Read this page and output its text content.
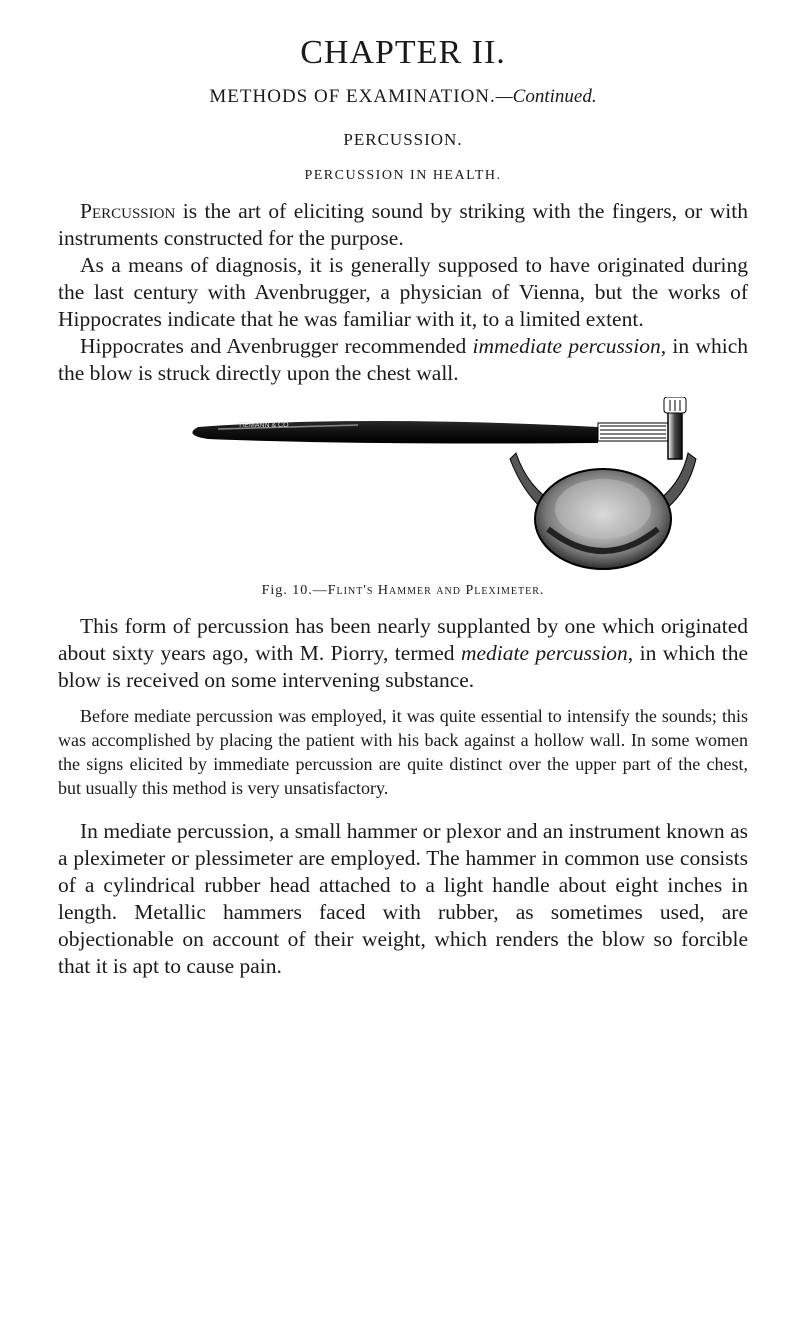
CHAPTER II.
METHODS OF EXAMINATION.—Continued.
PERCUSSION.
PERCUSSION IN HEALTH.

Percussion is the art of eliciting sound by striking with the fingers, or with instruments constructed for the purpose.

As a means of diagnosis, it is generally supposed to have originated during the last century with Avenbrugger, a physician of Vienna, but the works of Hippocrates indicate that he was familiar with it, to a limited extent.

Hippocrates and Avenbrugger recommended immediate percussion, in which the blow is struck directly upon the chest wall.

TIEMANN & CO
Fig. 10.—Flint's Hammer and Pleximeter.

This form of percussion has been nearly supplanted by one which originated about sixty years ago, with M. Piorry, termed mediate percussion, in which the blow is received on some intervening substance.

Before mediate percussion was employed, it was quite essential to intensify the sounds; this was accomplished by placing the patient with his back against a hollow wall. In some women the signs elicited by immediate percussion are quite distinct over the upper part of the chest, but usually this method is very unsatisfactory.

In mediate percussion, a small hammer or plexor and an instrument known as a pleximeter or plessimeter are employed. The hammer in common use consists of a cylindrical rubber head attached to a light handle about eight inches in length. Metallic hammers faced with rubber, as sometimes used, are objectionable on account of their weight, which renders the blow so forcible that it is apt to cause pain.
